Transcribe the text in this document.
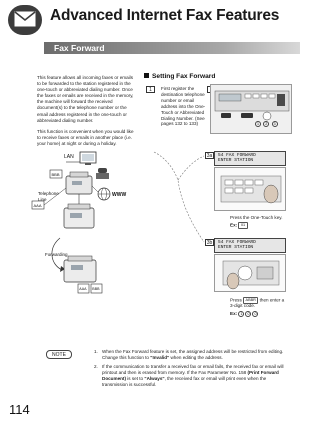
Advanced Internet Fax Features
Fax Forward

This feature allows all incoming faxes or emails to be forwarded to the station registered in the one-touch or abbreviated dialing number. Once the faxes or emails are received in the memory, the machine will forward the received document(s) to the telephone number or the email address registered in the one-touch or abbreviated dialing number.

This function is convenient when you would like to receive faxes or emails in another place (i.e. your home) at night or during a holiday.

LAN
BBB
WWW
AAA
Telephone Line
Forwarding
AAA BBB
Setting Fax Forward
1	First register the destination telephone number or email address into the One-Touch or Abbreviated Dialing Number. (See pages 132 to 133)	1 2 3
3a	54 FAX FORWARD
ENTER STATION
Press the One-Touch key.
Ex: 01
3b	54 FAX FORWARD
ENTER STATION
Press ABBR then enter a
3-digit code.
Ex: 1 0 0
NOTE
1. When the Fax Forward feature is set, the assigned address will be restricted from editing. Change this function to "Invalid" when editing the address.
2. If the communication to transfer a received fax or email fails, the received fax or email will printout and then is erased from memory. If the Fax Parameter No. 158 (Print Forward Document) is set to "Always", the received fax or email will print even when the transmission is successful.
114
